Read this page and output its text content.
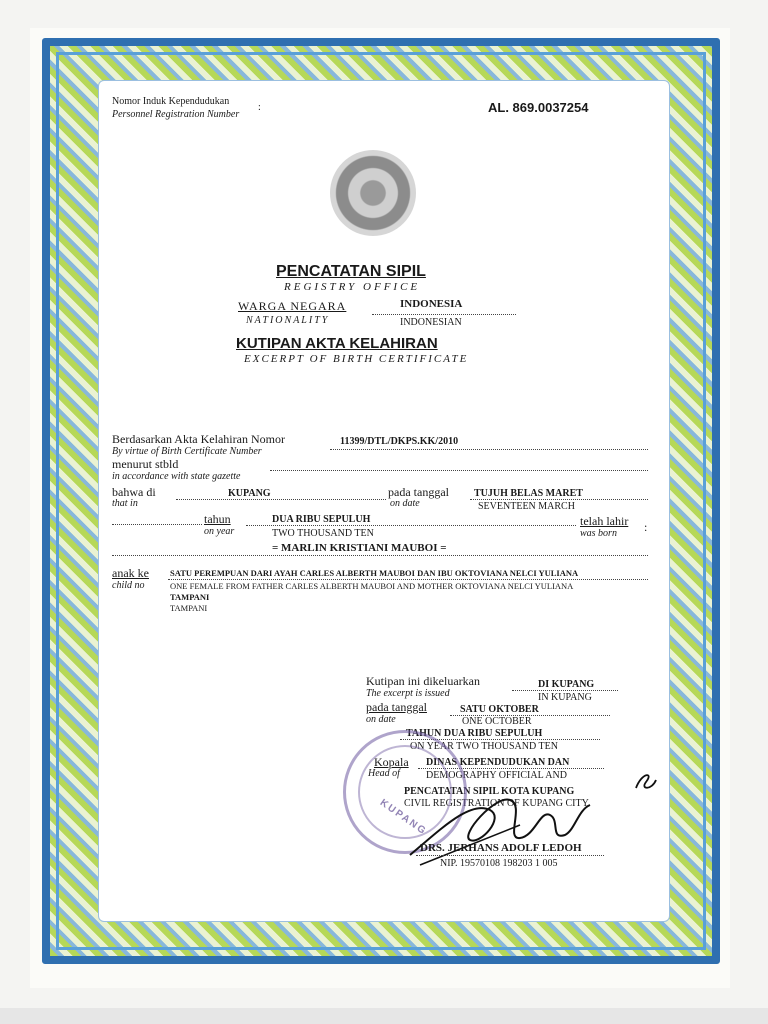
Nomor Induk Kependudukan
Personnel Registration Number
:	AL. 869.0037254
PENCATATAN SIPIL
REGISTRY OFFICE
WARGA NEGARA
NATIONALITY
INDONESIA
INDONESIAN
KUTIPAN AKTA KELAHIRAN
EXCERPT OF BIRTH CERTIFICATE
Berdasarkan Akta Kelahiran Nomor
By virtue of Birth Certificate Number
11399/DTL/DKPS.KK/2010
menurut stbld
in accordance with state gazette
bahwa di
that in
KUPANG	pada tanggal
on date
TUJUH BELAS MARET
SEVENTEEN MARCH
tahun
on year
DUA RIBU SEPULUH
TWO THOUSAND TEN
telah lahir
was born :
= MARLIN KRISTIANI MAUBOI =
anak ke
child no
SATU PEREMPUAN DARI AYAH CARLES ALBERTH MAUBOI DAN IBU OKTOVIANA NELCI YULIANA
ONE FEMALE FROM FATHER CARLES ALBERTH MAUBOI AND MOTHER OKTOVIANA NELCI YULIANA
TAMPANI
TAMPANI
Kutipan ini dikeluarkan
The excerpt is issued
DI KUPANG
IN KUPANG
pada tanggal
on date
SATU OKTOBER
ONE OCTOBER
TAHUN DUA RIBU SEPULUH
ON YEAR TWO THOUSAND TEN
Kopala
Head of
DINAS KEPENDUDUKAN DAN
DEMOGRAPHY OFFICIAL AND
PENCATATAN SIPIL KOTA KUPANG
CIVIL REGISTRATION OF KUPANG CITY
KUPANG
DRS. JERHANS ADOLF LEDOH
NIP. 19570108 198203 1 005
